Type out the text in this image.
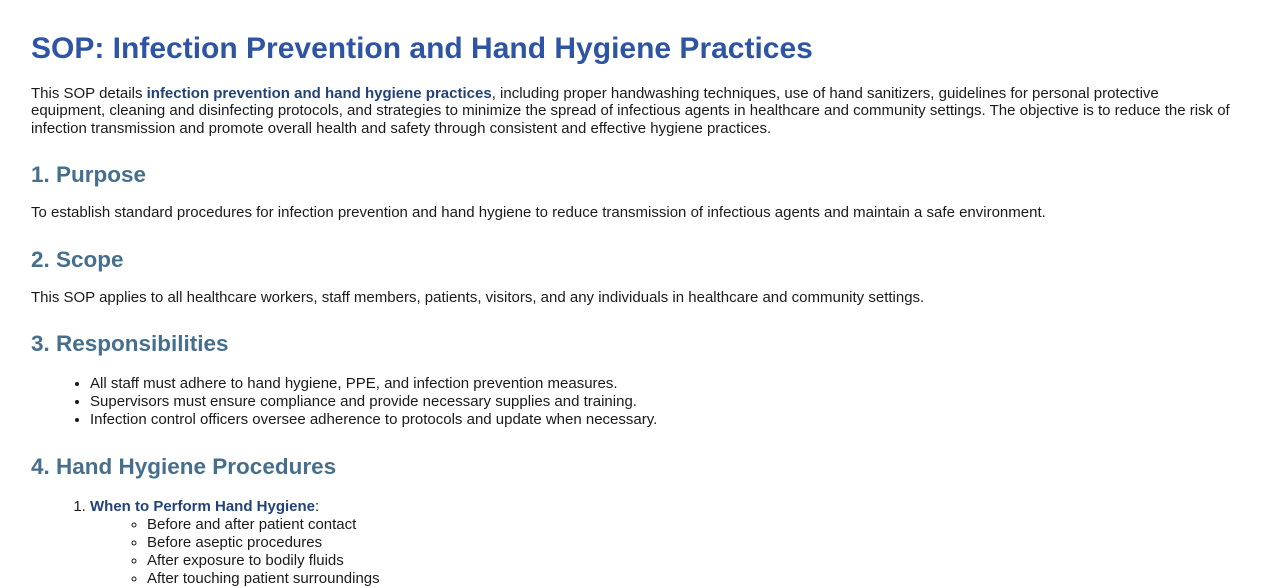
SOP: Infection Prevention and Hand Hygiene Practices

This SOP details infection prevention and hand hygiene practices, including proper handwashing techniques, use of hand sanitizers, guidelines for personal protective equipment, cleaning and disinfecting protocols, and strategies to minimize the spread of infectious agents in healthcare and community settings. The objective is to reduce the risk of infection transmission and promote overall health and safety through consistent and effective hygiene practices.

1. Purpose

To establish standard procedures for infection prevention and hand hygiene to reduce transmission of infectious agents and maintain a safe environment.

2. Scope

This SOP applies to all healthcare workers, staff members, patients, visitors, and any individuals in healthcare and community settings.

3. Responsibilities
• All staff must adhere to hand hygiene, PPE, and infection prevention measures.
• Supervisors must ensure compliance and provide necessary supplies and training.
• Infection control officers oversee adherence to protocols and update when necessary.
4. Hand Hygiene Procedures
1. When to Perform Hand Hygiene:
◦ Before and after patient contact
◦ Before aseptic procedures
◦ After exposure to bodily fluids
◦ After touching patient surroundings
